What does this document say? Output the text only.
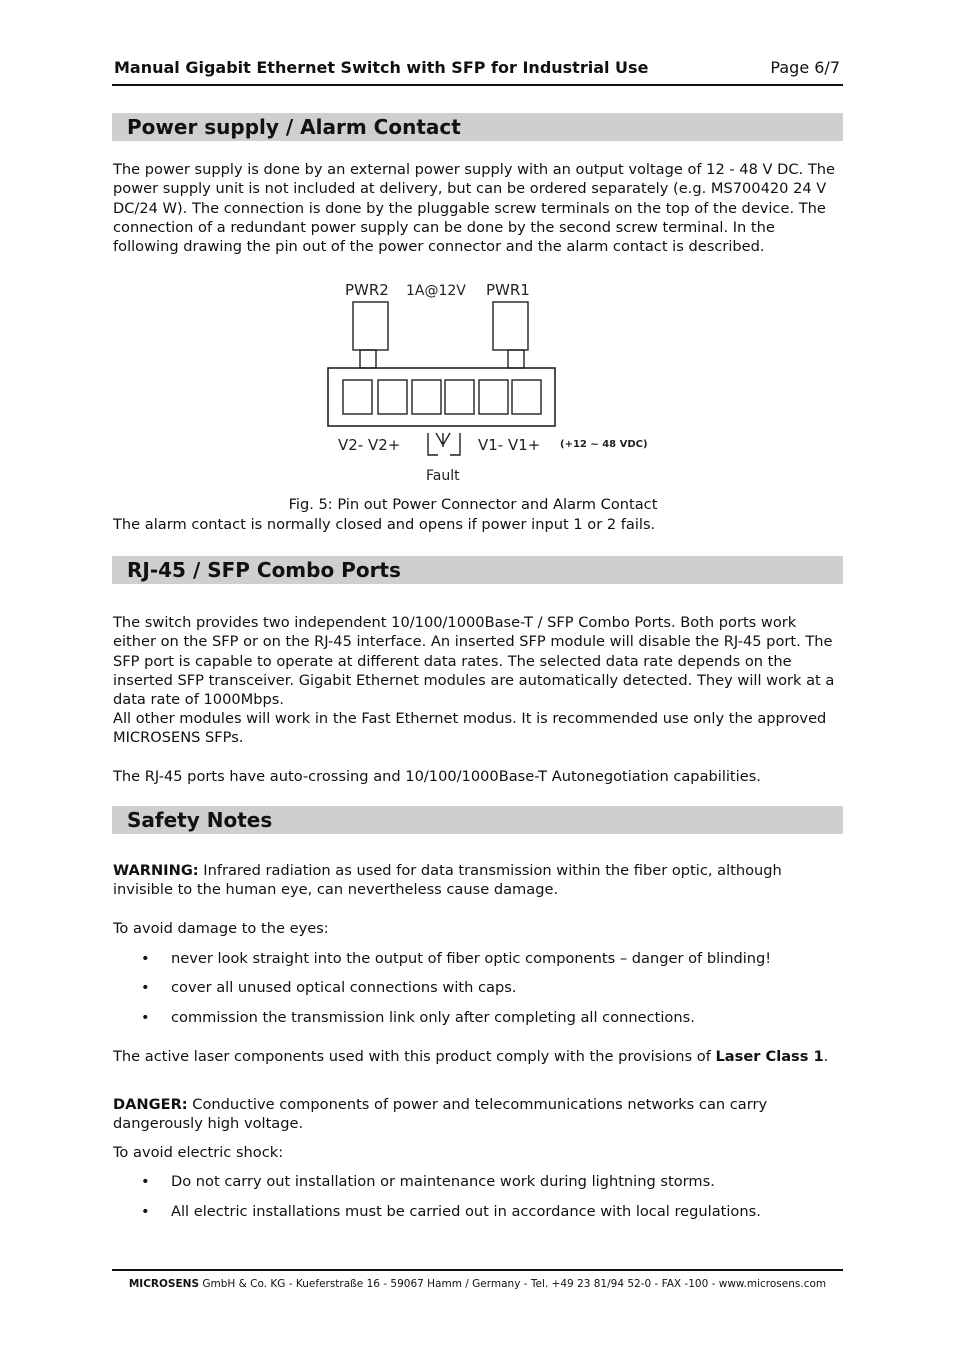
Manual Gigabit Ethernet Switch with SFP for Industrial Use	Page 6/7
Power supply / Alarm Contact

The power supply is done by an external power supply with an output voltage of 12 - 48 V DC. The power supply unit is not included at delivery, but can be ordered separately (e.g. MS700420 24 V DC/24 W). The connection is done by the pluggable screw terminals on the top of the device. The connection of a redundant power supply can be done by the second screw terminal. In the following drawing the pin out of the power connector and the alarm contact is described.

PWR2 1A@12V PWR1
V2- V2+	V1- V1+ (+12 ~ 48 VDC)
Fault
Fig. 5: Pin out Power Connector and Alarm Contact

The alarm contact is normally closed and opens if power input 1 or 2 fails.

RJ-45 / SFP Combo Ports

The switch provides two independent 10/100/1000Base-T / SFP Combo Ports. Both ports work either on the SFP or on the RJ-45 interface. An inserted SFP module will disable the RJ-45 port. The SFP port is capable to operate at different data rates. The selected data rate depends on the inserted SFP transceiver. Gigabit Ethernet modules are automatically detected. They will work at a data rate of 1000Mbps.

All other modules will work in the Fast Ethernet modus. It is recommended use only the approved MICROSENS SFPs.

The RJ-45 ports have auto-crossing and 10/100/1000Base-T Autonegotiation capabilities.

Safety Notes

WARNING: Infrared radiation as used for data transmission within the fiber optic, although invisible to the human eye, can nevertheless cause damage.

To avoid damage to the eyes:

• never look straight into the output of fiber optic components – danger of blinding!
• cover all unused optical connections with caps.
• commission the transmission link only after completing all connections.

The active laser components used with this product comply with the provisions of Laser Class 1.

DANGER: Conductive components of power and telecommunications networks can carry dangerously high voltage.

To avoid electric shock:

• Do not carry out installation or maintenance work during lightning storms.
• All electric installations must be carried out in accordance with local regulations.
MICROSENS GmbH & Co. KG - Kueferstraße 16 - 59067 Hamm / Germany - Tel. +49 23 81/94 52-0 - FAX -100 - www.microsens.com
